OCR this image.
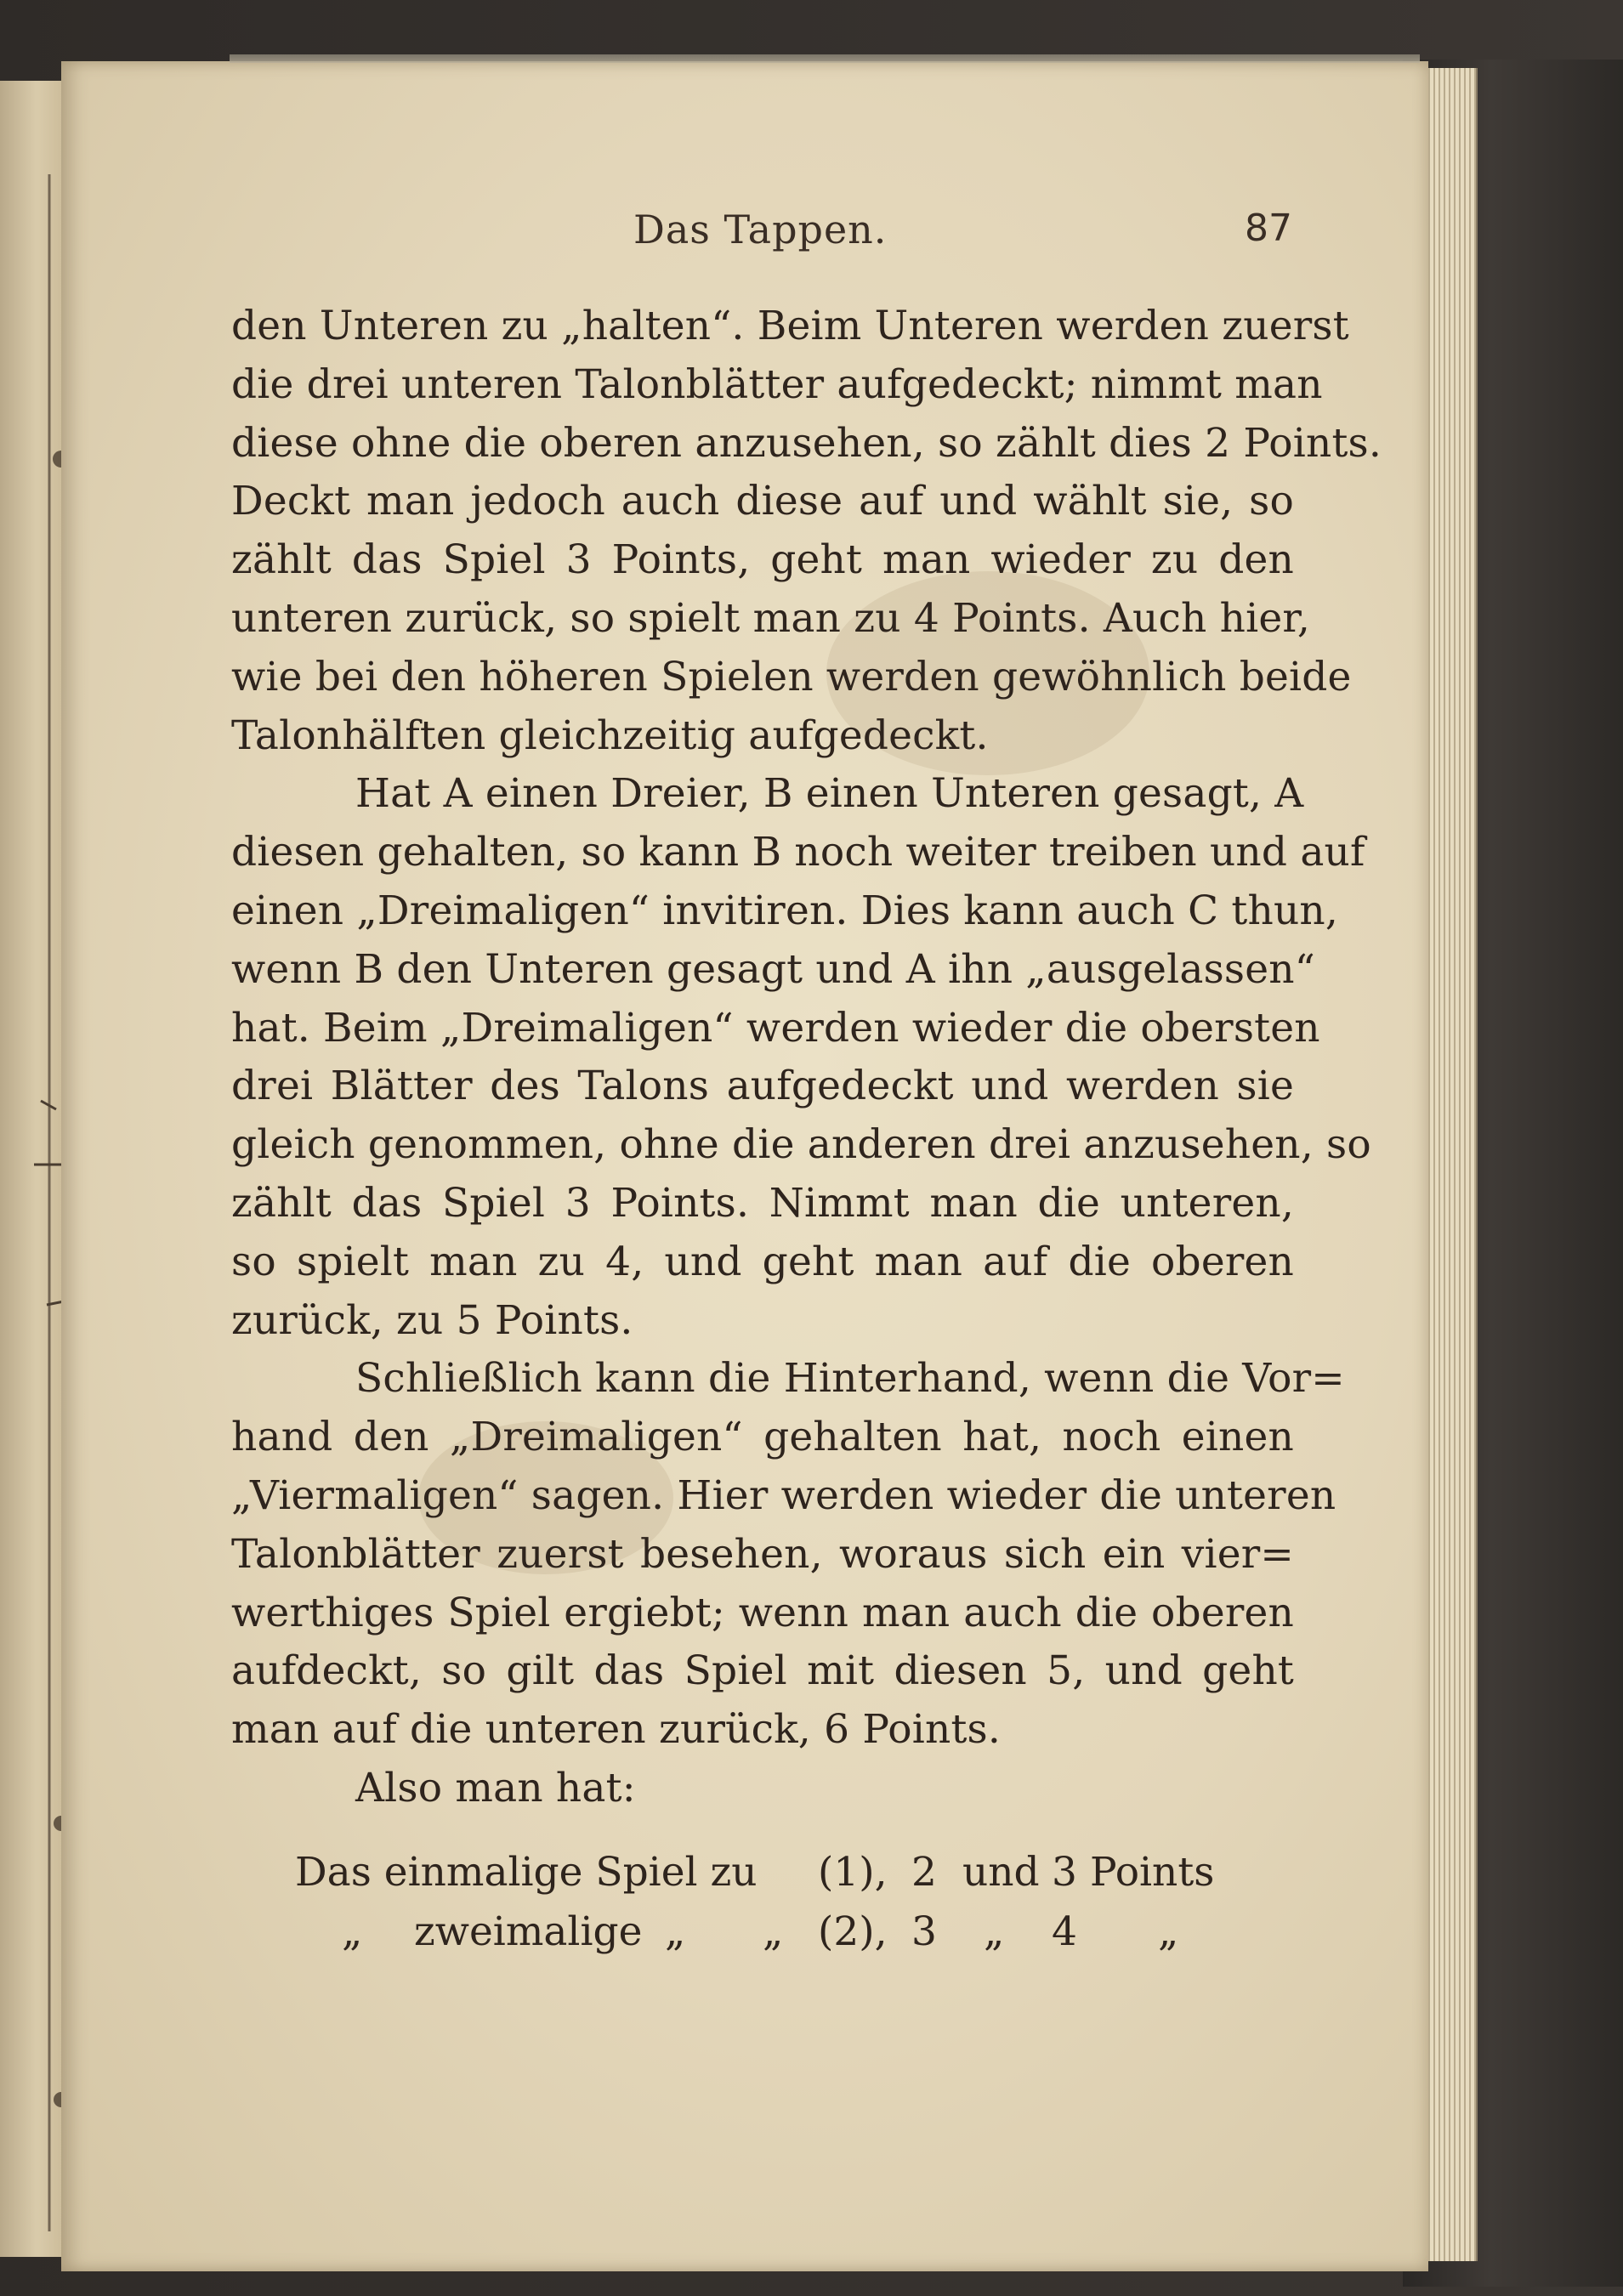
Das Tappen.	87
den Unteren zu „halten“. Beim Unteren werden zuerst
die drei unteren Talonblätter aufgedeckt; nimmt man
diese ohne die oberen anzusehen, so zählt dies 2 Points.
Deckt man jedoch auch diese auf und wählt sie, so
zählt das Spiel 3 Points, geht man wieder zu den
unteren zurück, so spielt man zu 4 Points. Auch hier,
wie bei den höheren Spielen werden gewöhnlich beide
Talonhälften gleichzeitig aufgedeckt.
Hat A einen Dreier, B einen Unteren gesagt, A
diesen gehalten, so kann B noch weiter treiben und auf
einen „Dreimaligen“ invitiren. Dies kann auch C thun,
wenn B den Unteren gesagt und A ihn „ausgelassen“
hat. Beim „Dreimaligen“ werden wieder die obersten
drei Blätter des Talons aufgedeckt und werden sie
gleich genommen, ohne die anderen drei anzusehen, so
zählt das Spiel 3 Points. Nimmt man die unteren,
so spielt man zu 4, und geht man auf die oberen
zurück, zu 5 Points.
Schließlich kann die Hinterhand, wenn die Vor=
hand den „Dreimaligen“ gehalten hat, noch einen
„Viermaligen“ sagen. Hier werden wieder die unteren
Talonblätter zuerst besehen, woraus sich ein vier=
werthiges Spiel ergiebt; wenn man auch die oberen
aufdeckt, so gilt das Spiel mit diesen 5, und geht
man auf die unteren zurück, 6 Points.
Also man hat:
Das einmalige Spiel zu (1), 2 und 3 Points
„ zweimalige „ „ (2), 3 „ 4 „
